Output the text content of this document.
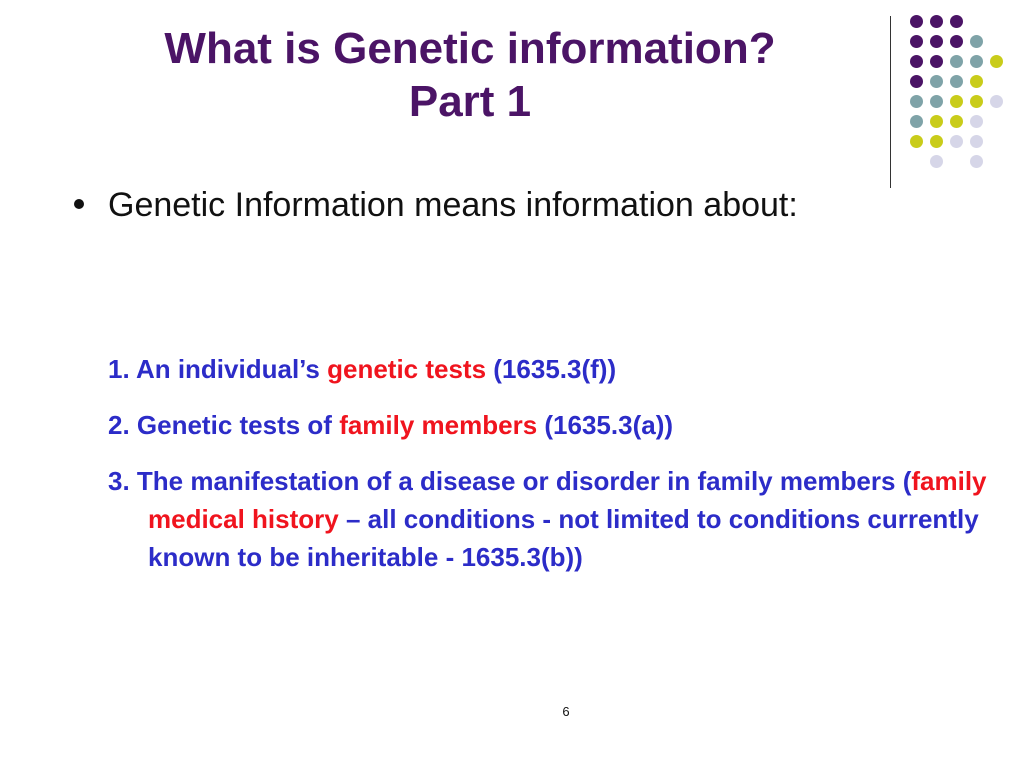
What is Genetic information?
Part 1
Genetic Information means information about:
1. An individual’s genetic tests (1635.3(f))
2. Genetic tests of family members (1635.3(a))
3. The manifestation of a disease or disorder in family members (family medical history – all conditions - not limited to conditions currently known to be inheritable - 1635.3(b))
6
